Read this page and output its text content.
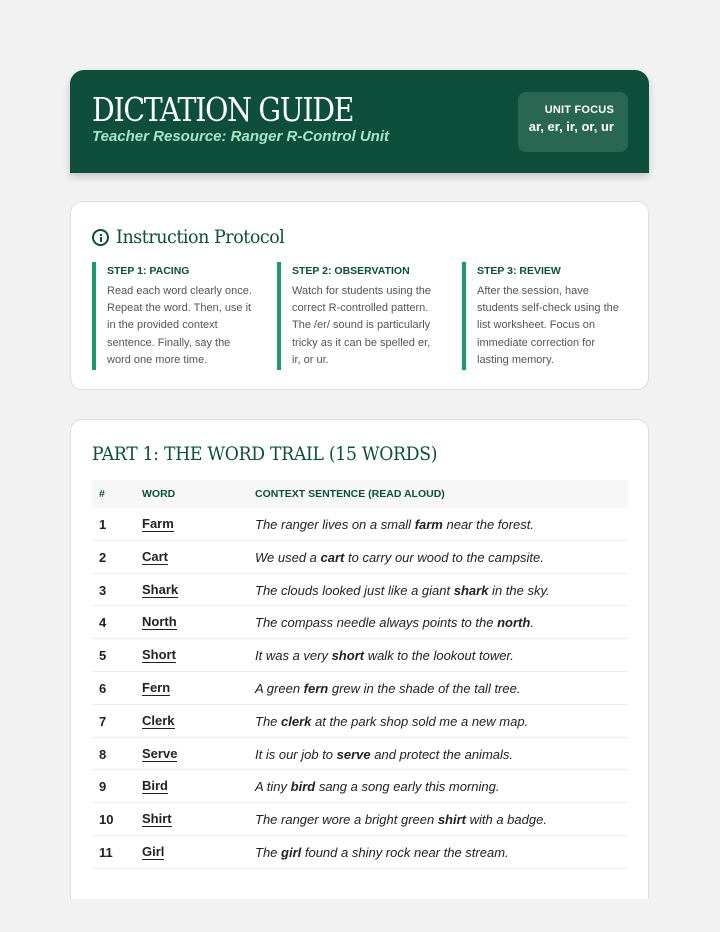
DICTATION GUIDE
Teacher Resource: Ranger R-Control Unit
UNIT FOCUS
ar, er, ir, or, ur
Instruction Protocol
STEP 1: PACING
Read each word clearly once. Repeat the word. Then, use it in the provided context sentence. Finally, say the word one more time.
STEP 2: OBSERVATION
Watch for students using the correct R-controlled pattern. The /er/ sound is particularly tricky as it can be spelled er, ir, or ur.
STEP 3: REVIEW
After the session, have students self-check using the list worksheet. Focus on immediate correction for lasting memory.
PART 1: THE WORD TRAIL (15 WORDS)
#	WORD	CONTEXT SENTENCE (READ ALOUD)
1	Farm	The ranger lives on a small farm near the forest.
2	Cart	We used a cart to carry our wood to the campsite.
3	Shark	The clouds looked just like a giant shark in the sky.
4	North	The compass needle always points to the north.
5	Short	It was a very short walk to the lookout tower.
6	Fern	A green fern grew in the shade of the tall tree.
7	Clerk	The clerk at the park shop sold me a new map.
8	Serve	It is our job to serve and protect the animals.
9	Bird	A tiny bird sang a song early this morning.
10 Shirt	The ranger wore a bright green shirt with a badge.
11 Girl	The girl found a shiny rock near the stream.
